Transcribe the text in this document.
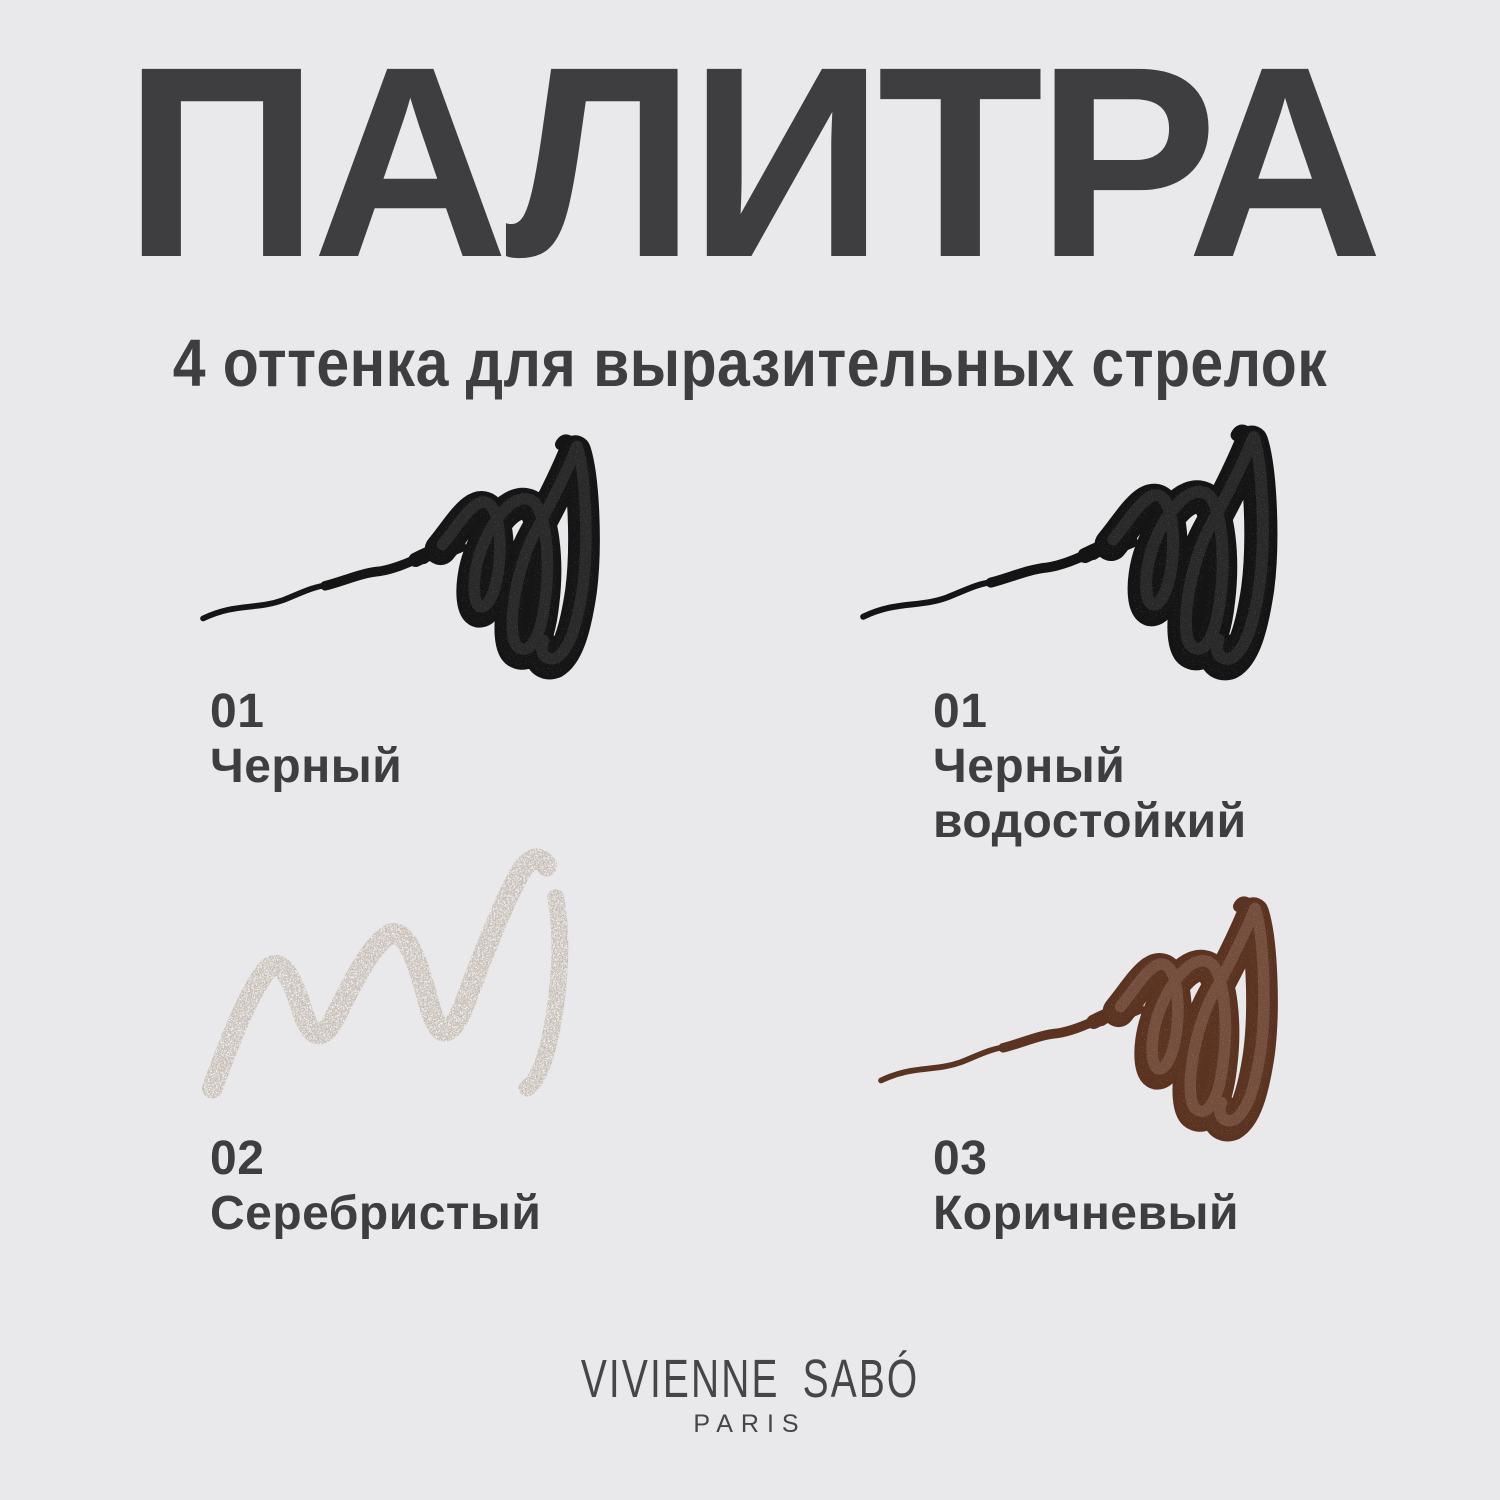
ПАЛИТРА
4 оттенка для выразительных стрелок
01
Черный
01
Черный водостойкий
02
Серебристый
03
Коричневый
VIVIENNE SABÓ
PARIS
